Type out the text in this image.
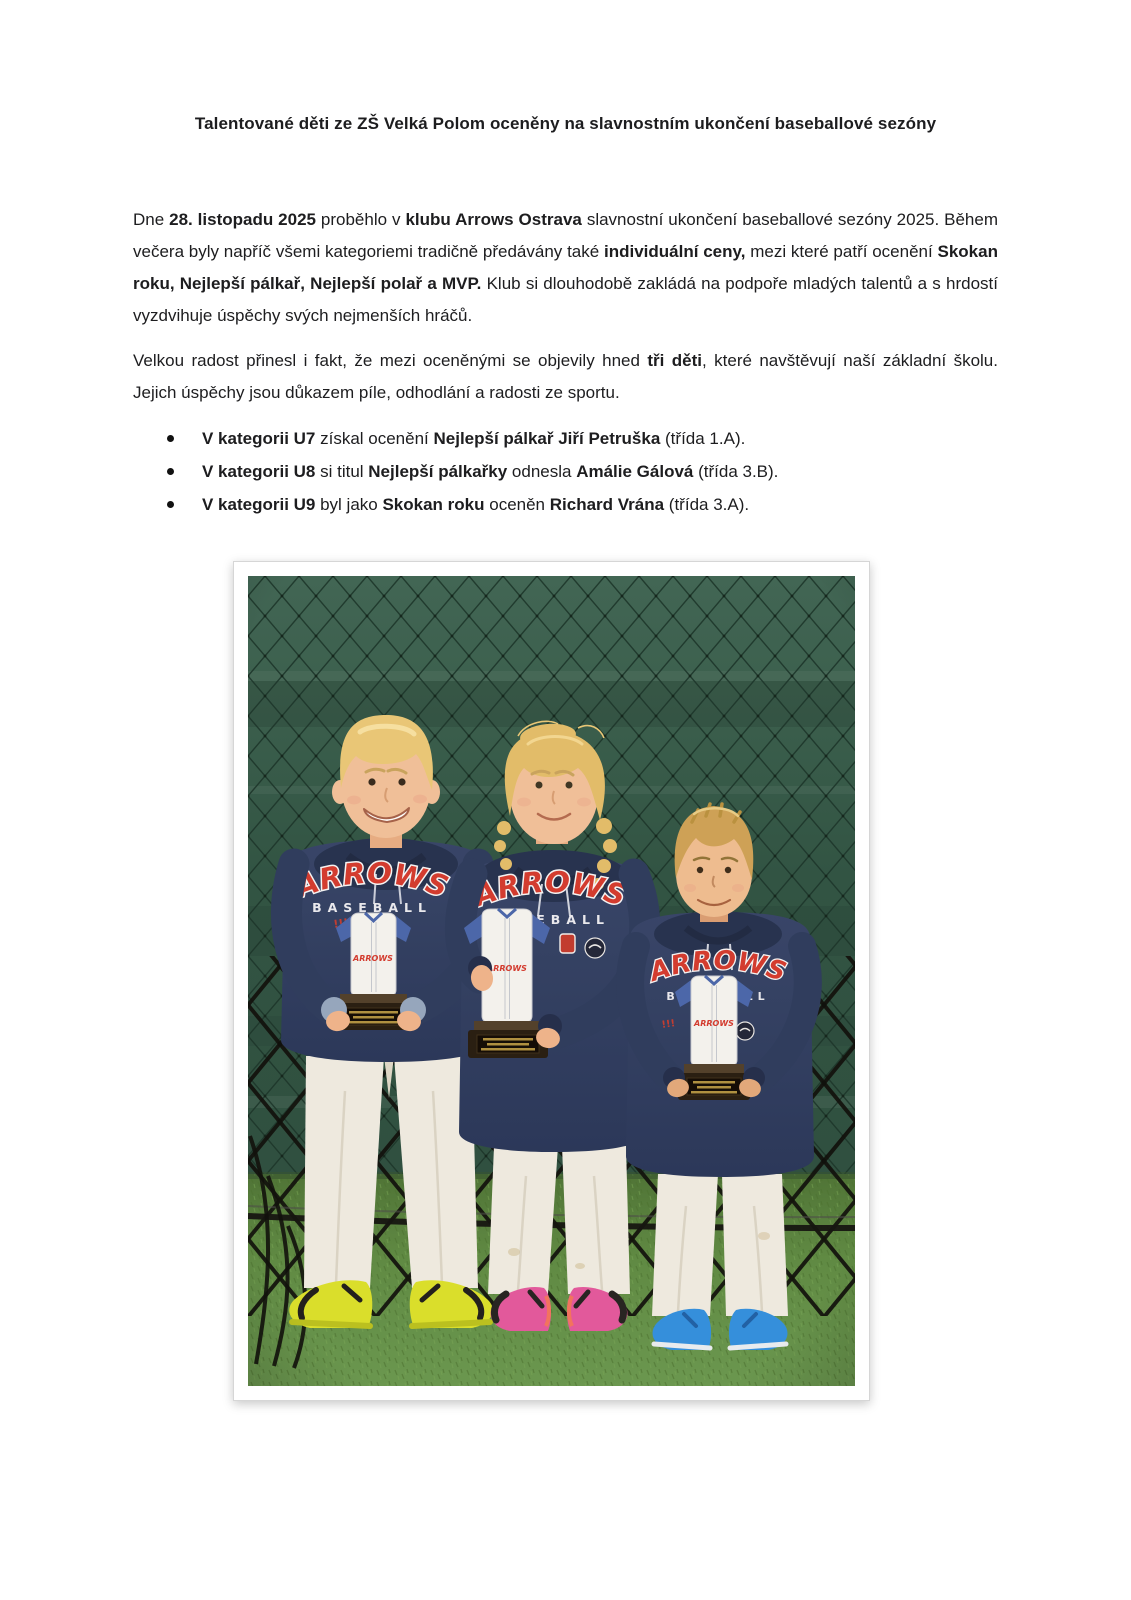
Talentované děti ze ZŠ Velká Polom oceněny na slavnostním ukončení baseballové sezóny

Dne 28. listopadu 2025 proběhlo v klubu Arrows Ostrava slavnostní ukončení baseballové sezóny 2025. Během večera byly napříč všemi kategoriemi tradičně předávány také individuální ceny, mezi které patří ocenění Skokan roku, Nejlepší pálkař, Nejlepší polař a MVP. Klub si dlouhodobě zakládá na podpoře mladých talentů a s hrdostí vyzdvihuje úspěchy svých nejmenších hráčů.

Velkou radost přinesl i fakt, že mezi oceněnými se objevily hned tři děti, které navštěvují naší základní školu. Jejich úspěchy jsou důkazem píle, odhodlání a radosti ze sportu.

V kategorii U7 získal ocenění Nejlepší pálkař Jiří Petruška (třída 1.A).
V kategorii U8 si titul Nejlepší pálkařky odnesla Amálie Gálová (třída 3.B).
V kategorii U9 byl jako Skokan roku oceněn Richard Vrána (třída 3.A).
